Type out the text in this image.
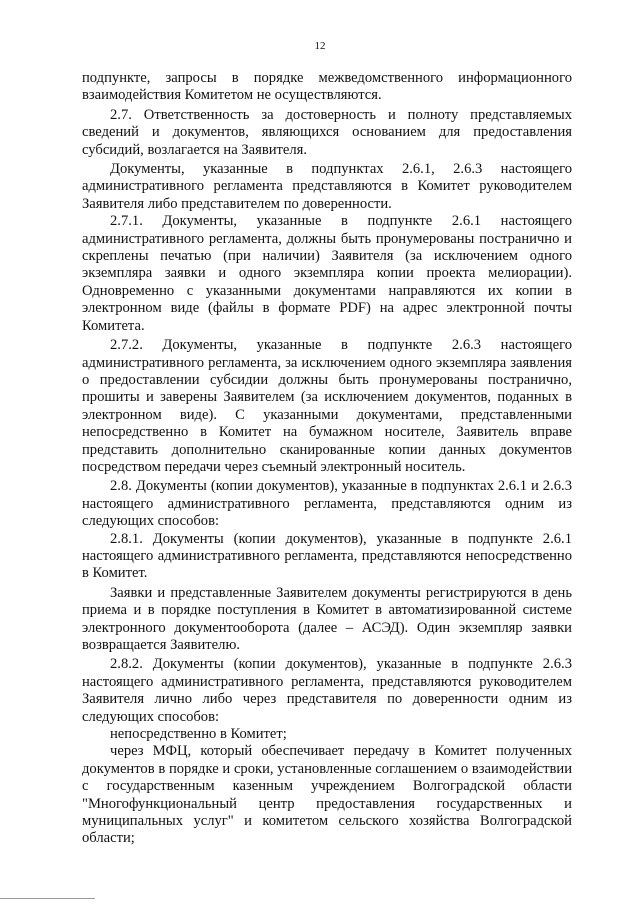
12

подпункте, запросы в порядке межведомственного информационного взаимодействия Комитетом не осуществляются.

2.7. Ответственность за достоверность и полноту представляемых сведений и документов, являющихся основанием для предоставления субсидий, возлагается на Заявителя.

Документы, указанные в подпунктах 2.6.1, 2.6.3 настоящего административного регламента представляются в Комитет руководителем Заявителя либо представителем по доверенности.

2.7.1. Документы, указанные в подпункте 2.6.1 настоящего административного регламента, должны быть пронумерованы постранично и скреплены печатью (при наличии) Заявителя (за исключением одного экземпляра заявки и одного экземпляра копии проекта мелиорации). Одновременно с указанными документами направляются их копии в электронном виде (файлы в формате PDF) на адрес электронной почты Комитета.

2.7.2. Документы, указанные в подпункте 2.6.3 настоящего административного регламента, за исключением одного экземпляра заявления о предоставлении субсидии должны быть пронумерованы постранично, прошиты и заверены Заявителем (за исключением документов, поданных в электронном виде). С указанными документами, представленными непосредственно в Комитет на бумажном носителе, Заявитель вправе представить дополнительно сканированные копии данных документов посредством передачи через съемный электронный носитель.

2.8. Документы (копии документов), указанные в подпунктах 2.6.1 и 2.6.3 настоящего административного регламента, представляются одним из следующих способов:

2.8.1. Документы (копии документов), указанные в подпункте 2.6.1 настоящего административного регламента, представляются непосредственно в Комитет.

Заявки и представленные Заявителем документы регистрируются в день приема и в порядке поступления в Комитет в автоматизированной системе электронного документооборота (далее – АСЭД). Один экземпляр заявки возвращается Заявителю.

2.8.2. Документы (копии документов), указанные в подпункте 2.6.3 настоящего административного регламента, представляются руководителем Заявителя лично либо через представителя по доверенности одним из следующих способов:

непосредственно в Комитет;

через МФЦ, который обеспечивает передачу в Комитет полученных документов в порядке и сроки, установленные соглашением о взаимодействии с государственным казенным учреждением Волгоградской области "Многофункциональный центр предоставления государственных и муниципальных услуг" и комитетом сельского хозяйства Волгоградской области;
